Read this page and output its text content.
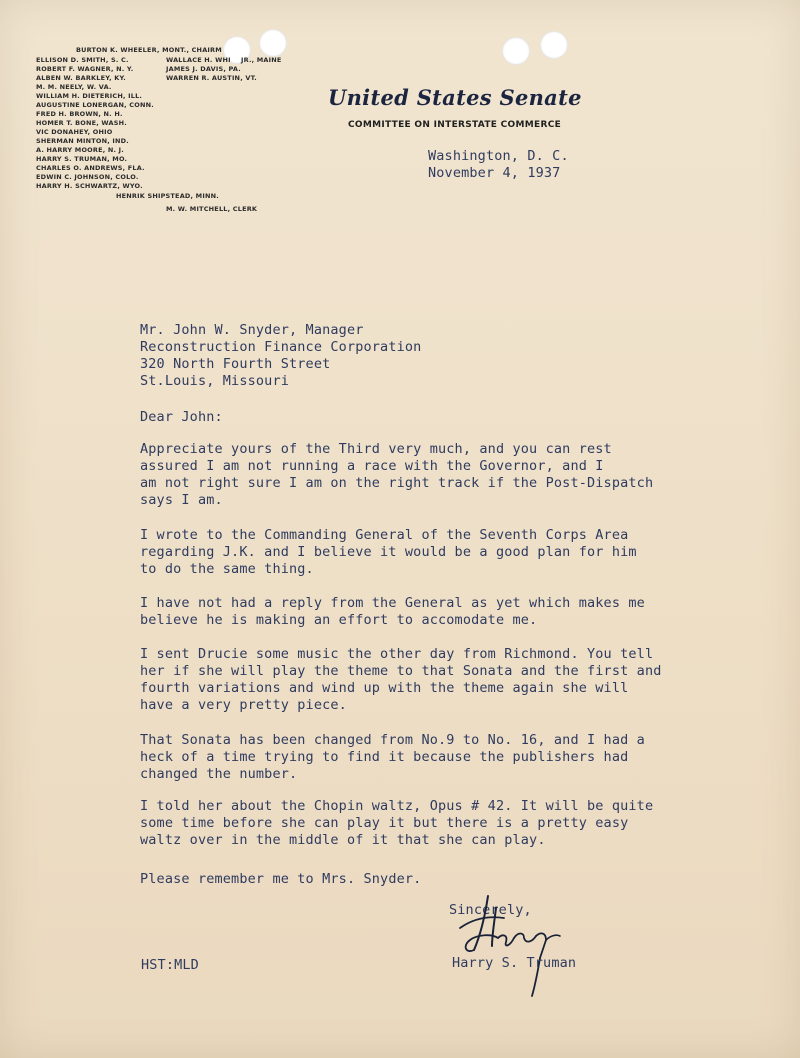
BURTON K. WHEELER, MONT., CHAIRM
ELLISON D. SMITH, S. C.
ROBERT F. WAGNER, N. Y.
ALBEN W. BARKLEY, KY.
M. M. NEELY, W. VA.
WILLIAM H. DIETERICH, ILL.
AUGUSTINE LONERGAN, CONN.
FRED H. BROWN, N. H.
HOMER T. BONE, WASH.
VIC DONAHEY, OHIO
SHERMAN MINTON, IND.
A. HARRY MOORE, N. J.
HARRY S. TRUMAN, MO.
CHARLES O. ANDREWS, FLA.
EDWIN C. JOHNSON, COLO.
HARRY H. SCHWARTZ, WYO.
WALLACE H. WHI JR., MAINE
JAMES J. DAVIS, PA.
WARREN R. AUSTIN, VT.
HENRIK SHIPSTEAD, MINN.
M. W. MITCHELL, CLERK
United States Senate
COMMITTEE ON INTERSTATE COMMERCE
Washington, D. C.
November 4, 1937
Mr. John W. Snyder, Manager
Reconstruction Finance Corporation
320 North Fourth Street
St.Louis, Missouri
Dear John:
Appreciate yours of the Third very much, and you can rest
assured I am not running a race with the Governor, and I
am not right sure I am on the right track if the Post-Dispatch
says I am.
I wrote to the Commanding General of the Seventh Corps Area
regarding J.K. and I believe it would be a good plan for him
to do the same thing.
I have not had a reply from the General as yet which makes me
believe he is making an effort to accomodate me.
I sent Drucie some music the other day from Richmond. You tell
her if she will play the theme to that Sonata and the first and
fourth variations and wind up with the theme again she will
have a very pretty piece.
That Sonata has been changed from No.9 to No. 16, and I had a
heck of a time trying to find it because the publishers had
changed the number.
I told her about the Chopin waltz, Opus # 42. It will be quite
some time before she can play it but there is a pretty easy
waltz over in the middle of it that she can play.
Please remember me to Mrs. Snyder.
Sincerely,
Harry S. Truman
HST:MLD
